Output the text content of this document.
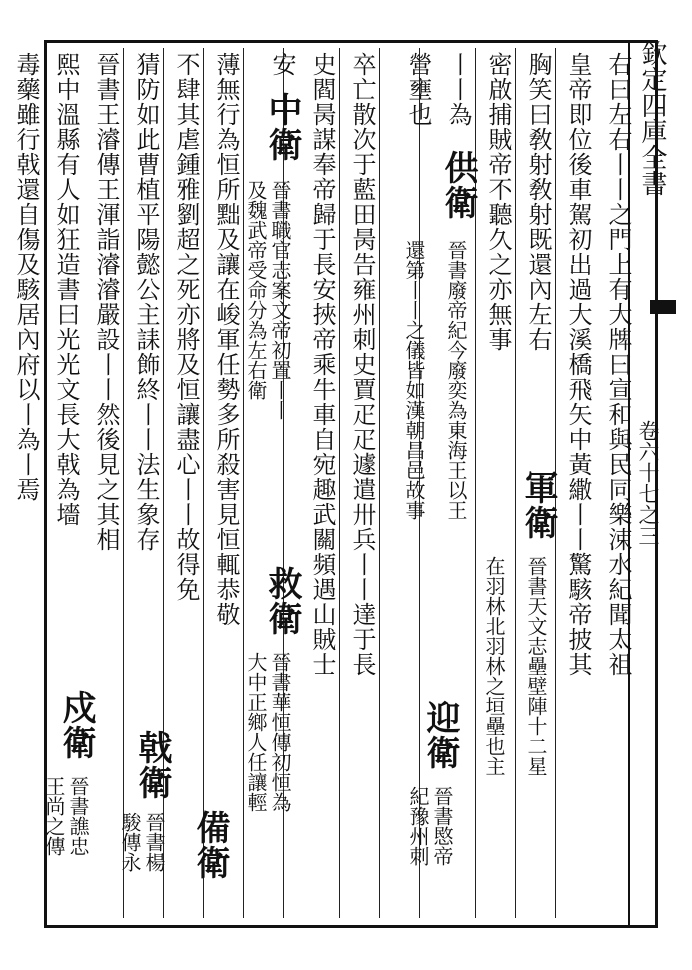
欽定四庫全書
卷六十七之三
右曰左右丨丨之門上有大牌曰宣和與民同樂涑水紀聞太祖
皇帝即位後車駕初出過大溪橋飛矢中黃繖丨丨驚駭帝披其
胸笑曰敎射敎射既還內左右
軍衛
晉書天文志壘壁陣十二星
密啟捕賊帝不聽久之亦無事
在羽林北羽林之垣壘也主
丨丨為
供衛
晉書廢帝紀今廢奕為東海王以王
營壅也
還第丨丨之儀皆如漢朝昌邑故事
迎衛
晉書愍帝
紀豫州刺
卒亡散次于藍田昺告雍州刺史賈疋疋遽遣卅兵丨丨達于長
史閻昺謀奉帝歸于長安挾帝乘牛車自宛趣武關頻遇山賊士
安
中衛
晉書職官志案文帝初置丨丨
及魏武帝受命分為左右衛
救衛
晉書華恒傳初恒為
大中正鄉人任讓輕
薄無行為恒所黜及讓在峻軍任勢多所殺害見恒輒恭敬
不肆其虐鍾雅劉超之死亦將及恒讓盡心丨丨故得免
備衛
猜防如此曹植平陽懿公主誄飾終丨丨法生象存
戟衛
晉書楊
駿傳永
晉書王濬傳王渾詣濬濬嚴設丨丨然後見之其相
熙中溫縣有人如狂造書曰光光文長大戟為墻
毒藥雖行戟還自傷及駭居內府以丨為丨焉
戍衛
晉書譙忠
王尚之傳
